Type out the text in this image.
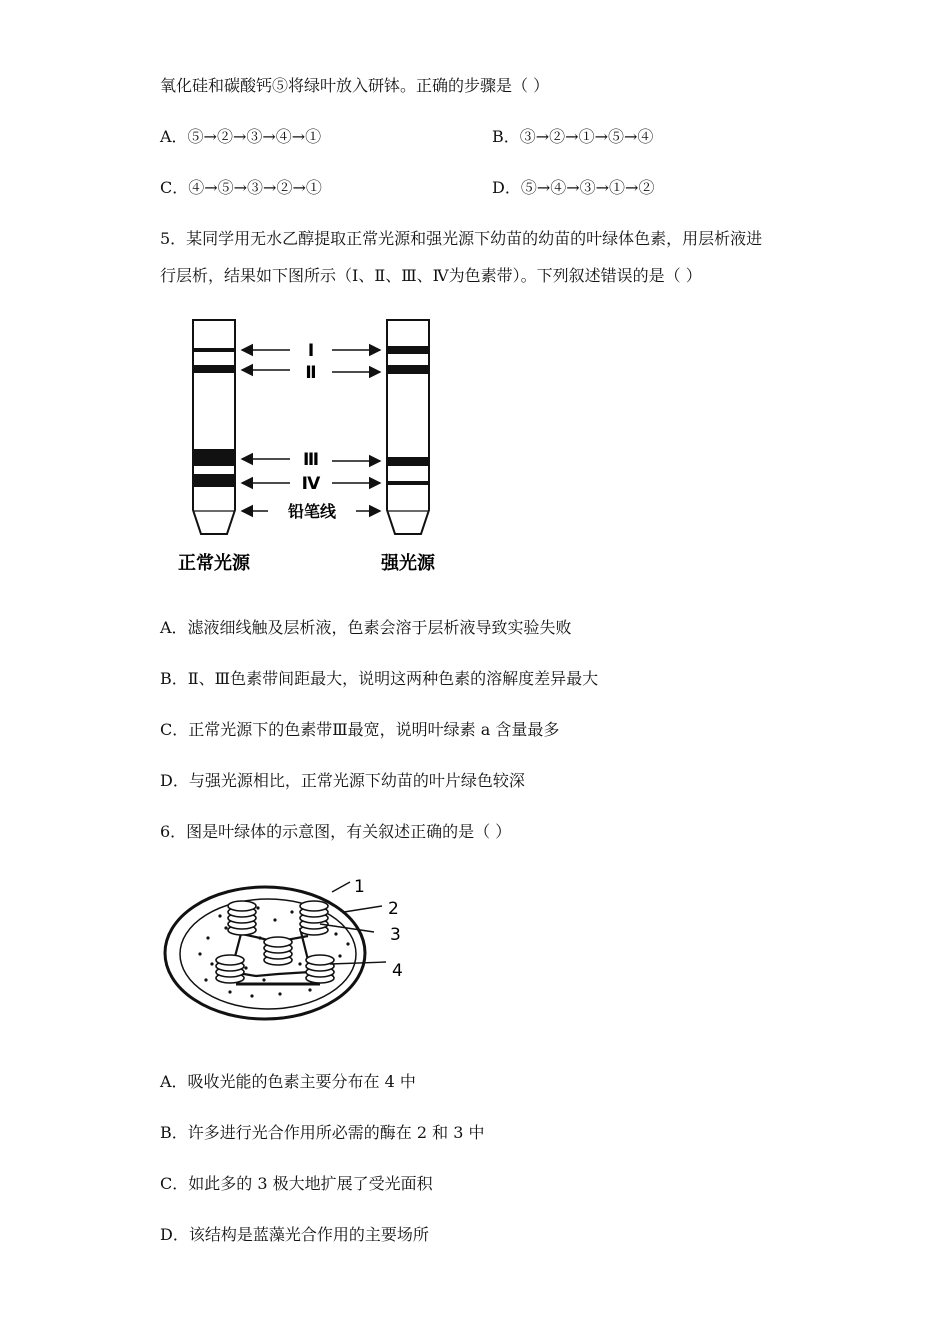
氧化硅和碳酸钙⑤将绿叶放入研钵。正确的步骤是（ ）
A．⑤→②→③→④→①	B．③→②→①→⑤→④
C．④→⑤→③→②→①	D．⑤→④→③→①→②
5．某同学用无水乙醇提取正常光源和强光源下幼苗的幼苗的叶绿体色素，用层析液进
行层析，结果如下图所示（Ⅰ、Ⅱ、Ⅲ、Ⅳ为色素带）。下列叙述错误的是（ ）
Ⅰ
Ⅱ
Ⅲ
Ⅳ
铅笔线
正常光源	强光源
A．滤液细线触及层析液，色素会溶于层析液导致实验失败
B．Ⅱ、Ⅲ色素带间距最大，说明这两种色素的溶解度差异最大
C．正常光源下的色素带Ⅲ最宽，说明叶绿素 a 含量最多
D．与强光源相比，正常光源下幼苗的叶片绿色较深
6．图是叶绿体的示意图，有关叙述正确的是（ ）
1
2
3
4
A．吸收光能的色素主要分布在 4 中
B．许多进行光合作用所必需的酶在 2 和 3 中
C．如此多的 3 极大地扩展了受光面积
D．该结构是蓝藻光合作用的主要场所
